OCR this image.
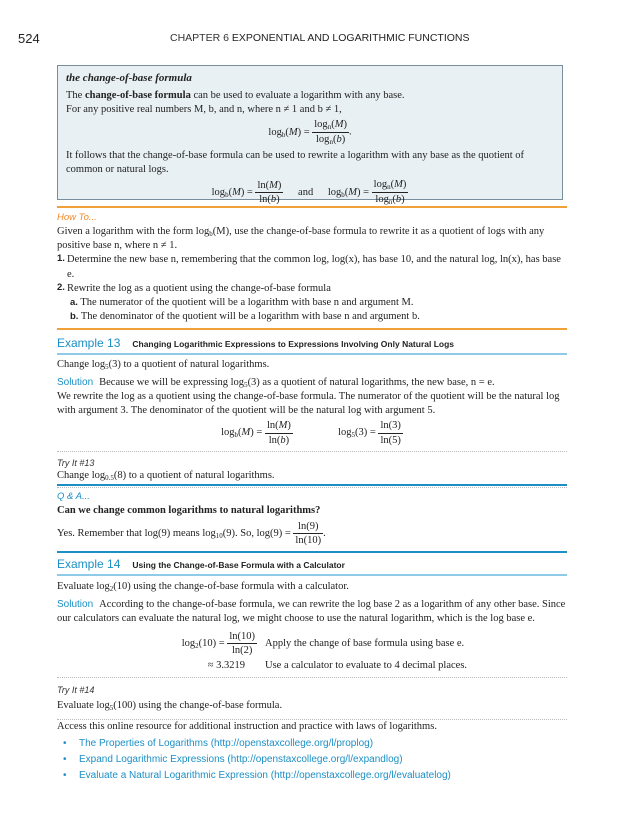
524	CHAPTER 6 EXPONENTIAL AND LOGARITHMIC FUNCTIONS
the change-of-base formula
The change-of-base formula can be used to evaluate a logarithm with any base.
For any positive real numbers M, b, and n, where n ≠ 1 and b ≠ 1,
$\log_b(M) = \frac{\log_n(M)}{\log_n(b)}$ .
It follows that the change-of-base formula can be used to rewrite a logarithm with any base as the quotient of common or natural logs.
$\log_b(M) = \frac{\ln(M)}{\ln(b)}$ and $\log_b(M) = \frac{\log_n(M)}{\log_n(b)}$
How To...
Given a logarithm with the form $\log_b(M)$, use the change-of-base formula to rewrite it as a quotient of logs with any positive base n, where n ≠ 1.
1. Determine the new base n, remembering that the common log, log(x), has base 10, and the natural log, ln(x), has base e.
2. Rewrite the log as a quotient using the change-of-base formula
a. The numerator of the quotient will be a logarithm with base n and argument M.
b. The denominator of the quotient will be a logarithm with base n and argument b.
Example 13 Changing Logarithmic Expressions to Expressions Involving Only Natural Logs
Change $\log_5(3)$ to a quotient of natural logarithms.
Solution Because we will be expressing $\log_5(3)$ as a quotient of natural logarithms, the new base, n = e.
We rewrite the log as a quotient using the change-of-base formula. The numerator of the quotient will be the natural log with argument 3. The denominator of the quotient will be the natural log with argument 5.
$\log_b(M) = \frac{\ln(M)}{\ln(b)}$	$\log_5(3) = \frac{\ln(3)}{\ln(5)}$
Try It #13
Change $\log_{0.5}(8)$ to a quotient of natural logarithms.
Q & A...
Can we change common logarithms to natural logarithms?
Yes. Remember that log(9) means $\log_{10}(9)$. So, $\log(9) = \frac{\ln(9)}{\ln(10)}$ .
Example 14 Using the Change-of-Base Formula with a Calculator
Evaluate $\log_2(10)$ using the change-of-base formula with a calculator.
Solution According to the change-of-base formula, we can rewrite the log base 2 as a logarithm of any other base. Since our calculators can evaluate the natural log, we might choose to use the natural logarithm, which is the log base e.
$\log_2(10) = \frac{\ln(10)}{\ln(2)}$ Apply the change of base formula using base e.
≈ 3.3219	Use a calculator to evaluate to 4 decimal places.
Try It #14
Evaluate $\log_5(100)$ using the change-of-base formula.
Access this online resource for additional instruction and practice with laws of logarithms.
• The Properties of Logarithms (http://openstaxcollege.org/l/proplog)
• Expand Logarithmic Expressions (http://openstaxcollege.org/l/expandlog)
• Evaluate a Natural Logarithmic Expression (http://openstaxcollege.org/l/evaluatelog)
